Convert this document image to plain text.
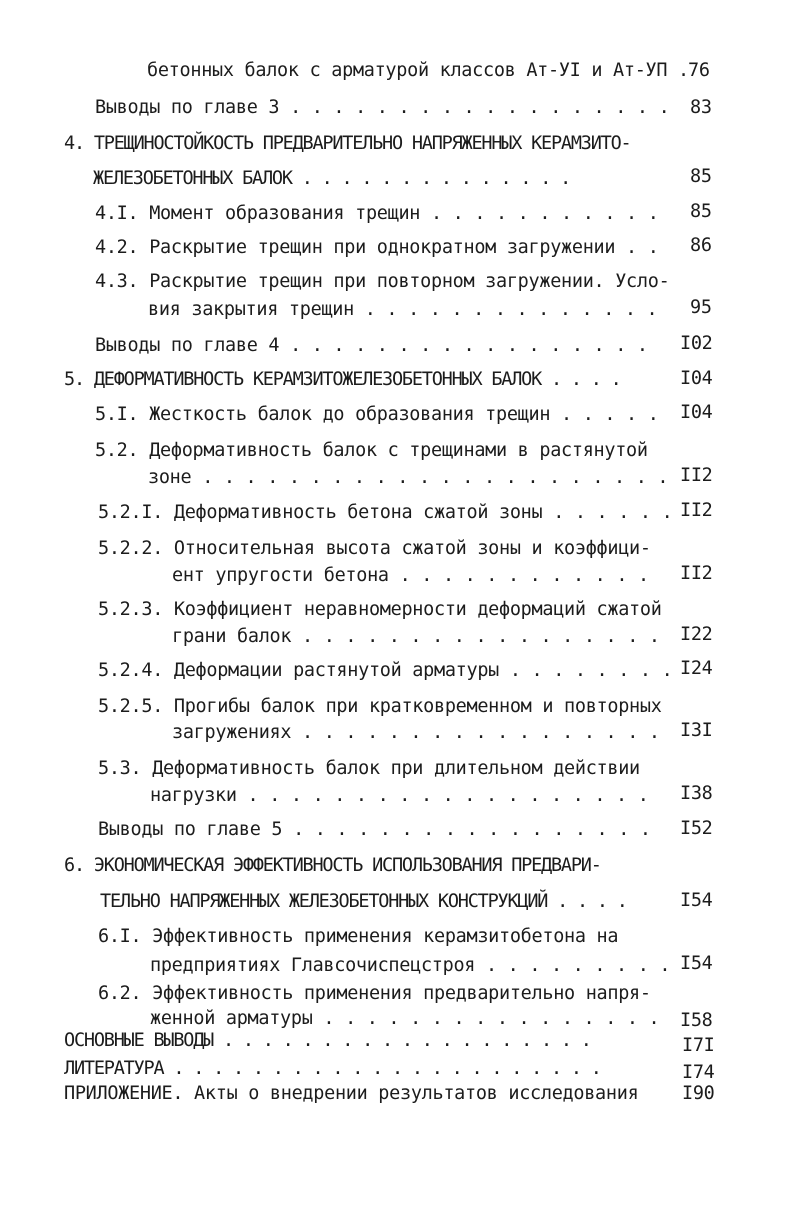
бетонных балок с арматурой классов Ат-УI и Ат-УП . 76
Выводы по главе 3 . . . . . . . . . . . . . . . . . . 83
4. ТРЕЩИНОСТОЙКОСТЬ ПРЕДВАРИТЕЛЬНО НАПРЯЖЕННЫХ КЕРАМЗИТО-
ЖЕЛЕЗОБЕТОННЫХ БАЛОК . . . . . . . . . . . . . .	85
4.I. Момент образования трещин . . . . . . . . . . . 85
4.2. Раскрытие трещин при однократном загружении . . 86
4.3. Раскрытие трещин при повторном загружении. Усло-
вия закрытия трещин . . . . . . . . . . . . . . 95
Выводы по главе 4 . . . . . . . . . . . . . . . . . I02
5. ДЕФОРМАТИВНОСТЬ КЕРАМЗИТОЖЕЛЕЗОБЕТОННЫХ БАЛОК . . . .	I04
5.I. Жесткость балок до образования трещин . . . . . I04
5.2. Деформативность балок с трещинами в растянутой
зоне . . . . . . . . . . . . . . . . . . . . . . II2
5.2.I. Деформативность бетона сжатой зоны . . . . . . II2
5.2.2. Относительная высота сжатой зоны и коэффици-
ент упругости бетона . . . . . . . . . . . . II2
5.2.3. Коэффициент неравномерности деформаций сжатой
грани балок . . . . . . . . . . . . . . . . . I22
5.2.4. Деформации растянутой арматуры . . . . . . . . I24
5.2.5. Прогибы балок при кратковременном и повторных
загружениях . . . . . . . . . . . . . . . . . I3I
5.3. Деформативность балок при длительном действии
нагрузки . . . . . . . . . . . . . . . . . . . I38
Выводы по главе 5 . . . . . . . . . . . . . . . . . I52
6. ЭКОНОМИЧЕСКАЯ ЭФФЕКТИВНОСТЬ ИСПОЛЬЗОВАНИЯ ПРЕДВАРИ-
ТЕЛЬНО НАПРЯЖЕННЫХ ЖЕЛЕЗОБЕТОННЫХ КОНСТРУКЦИЙ . . . .	I54
6.I. Эффективность применения керамзитобетона на
предприятиях Главсочиспецстроя . . . . . . . . . I54
6.2. Эффективность применения предварительно напря-
женной арматуры . . . . . . . . . . . . . . . . I58
ОСНОВНЫЕ ВЫВОДЫ . . . . . . . . . . . . . . . . . . .	I7I
ЛИТЕРАТУРА . . . . . . . . . . . . . . . . . . . . . .	I74
ПРИЛОЖЕНИЕ. Акты о внедрении результатов исследования I90
